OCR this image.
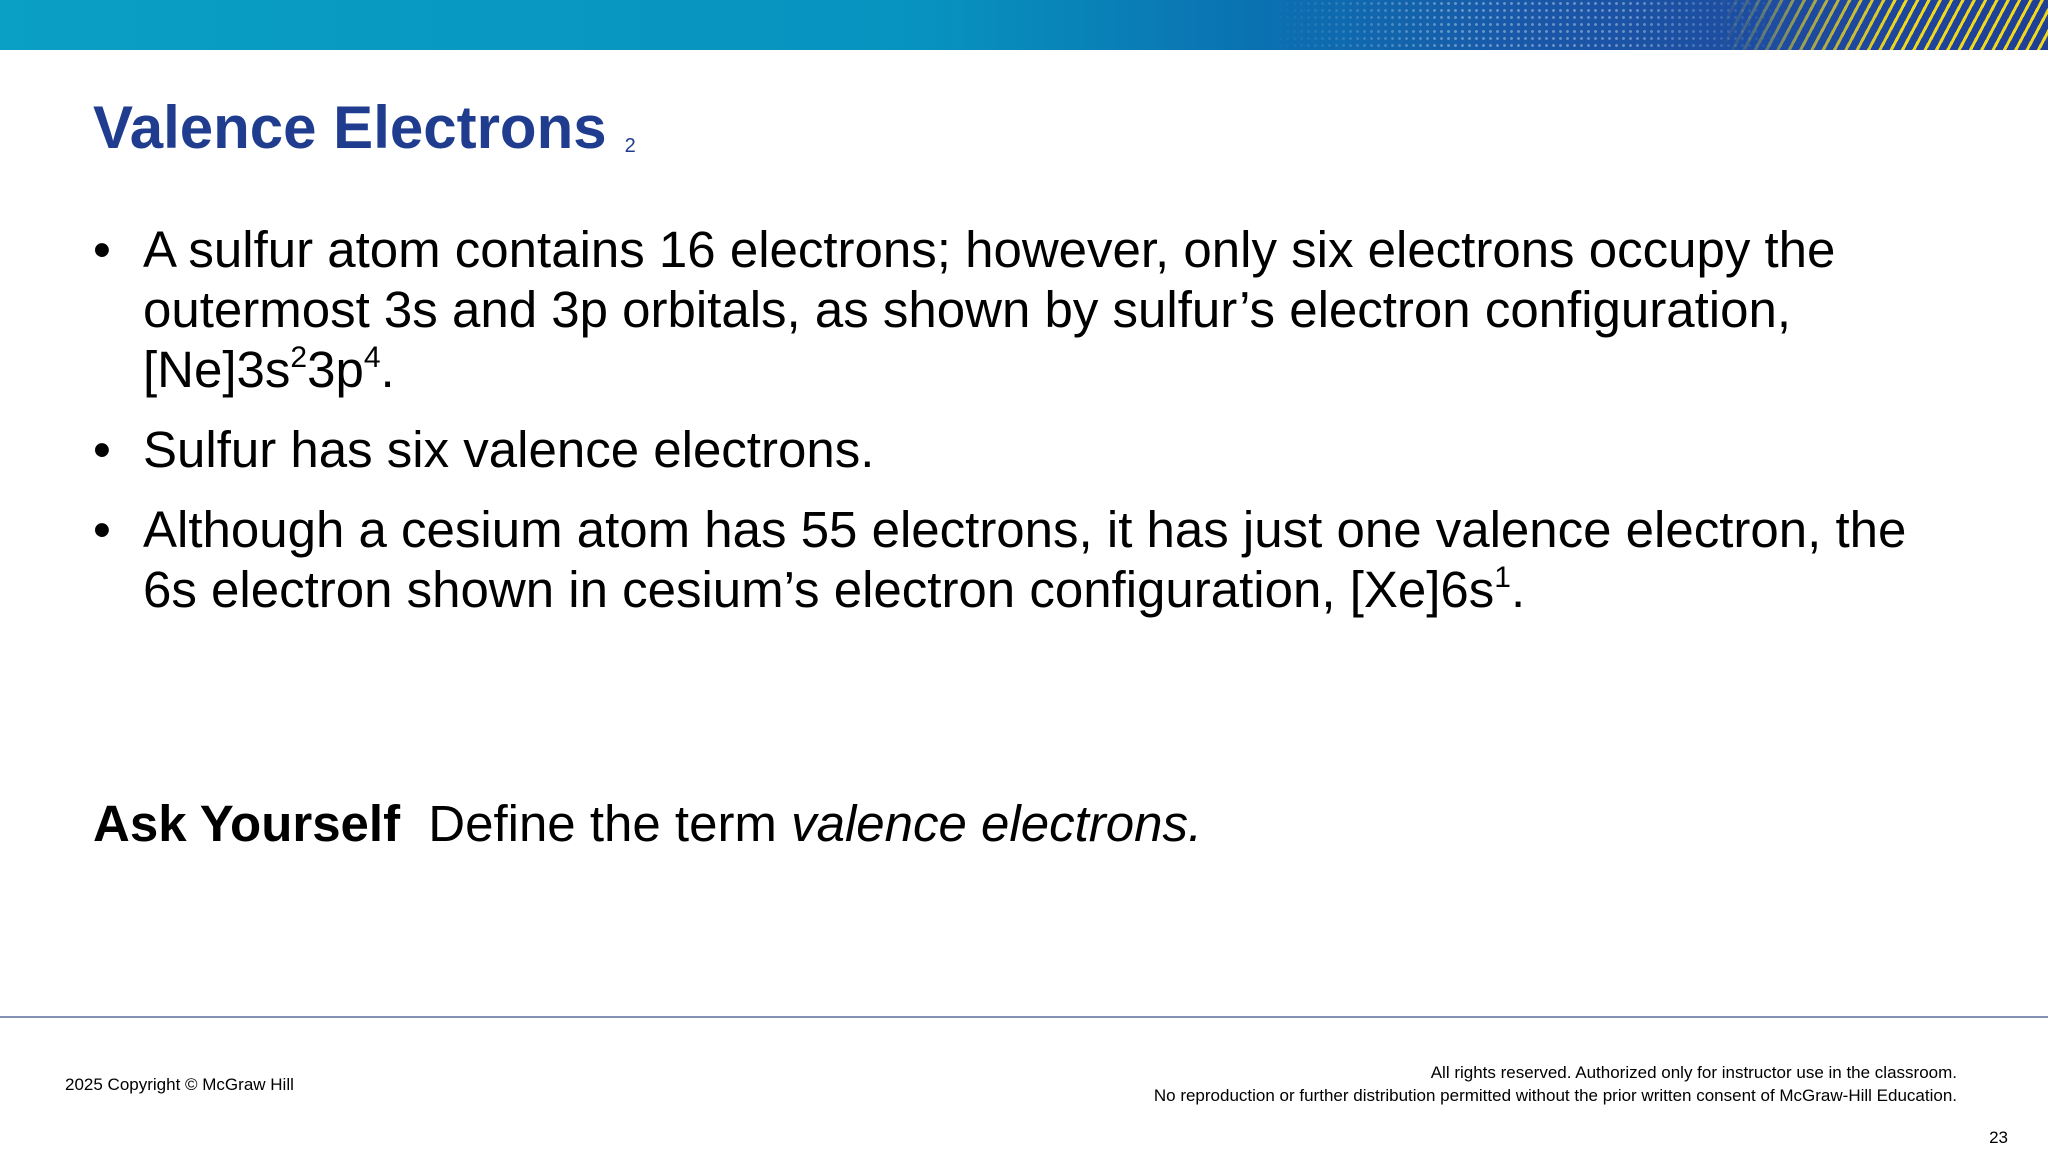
Valence Electrons 2
• A sulfur atom contains 16 electrons; however, only six electrons occupy the outermost 3s and 3p orbitals, as shown by sulfur’s electron configuration, $[Ne]3s^23p^4$.
• Sulfur has six valence electrons.
• Although a cesium atom has 55 electrons, it has just one valence electron, the 6s electron shown in cesium’s electron configuration, $[Xe]6s^1$.
Ask Yourself Define the term valence electrons.
2025 Copyright © McGraw Hill
All rights reserved. Authorized only for instructor use in the classroom.
No reproduction or further distribution permitted without the prior written consent of McGraw-Hill Education.
23
